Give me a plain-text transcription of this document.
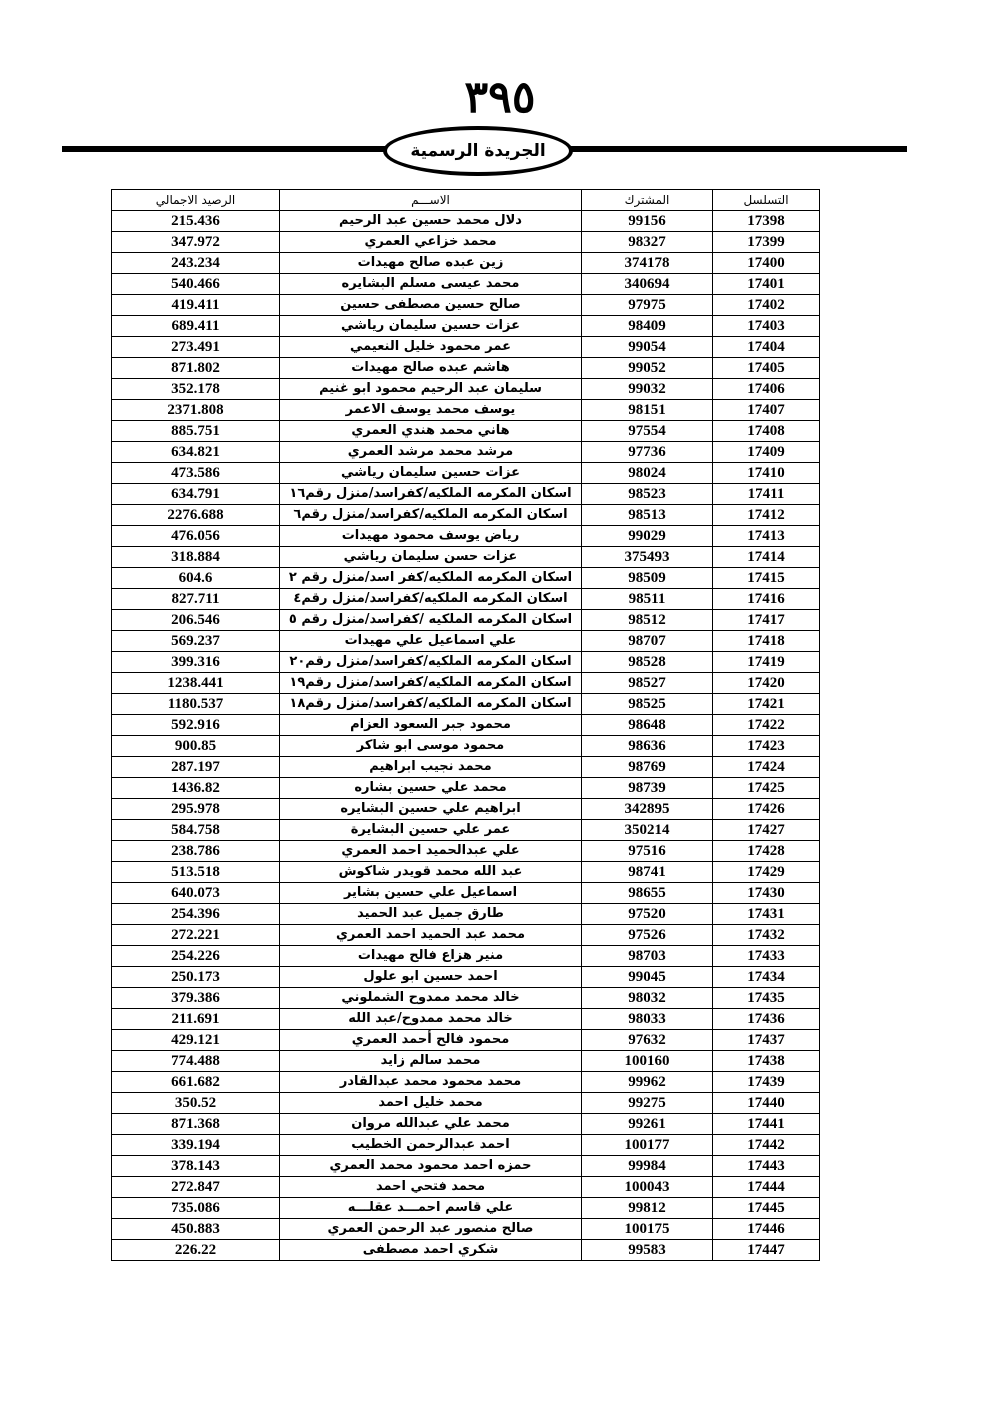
٣٩٥
الجريدة الرسمية
التسلسل	المشترك	الاســـم	الرصيد الاجمالي
17398	99156	دلال محمد حسين عبد الرحيم	215.436
17399	98327	محمد خزاعي العمري	347.972
17400	374178	زين عبده صالح مهيدات	243.234
17401	340694	محمد عيسى مسلم البشايره	540.466
17402	97975	صالح حسين مصطفى حسين	419.411
17403	98409	عزات حسين سليمان رياشي	689.411
17404	99054	عمر محمود خليل النعيمي	273.491
17405	99052	هاشم عبده صالح مهيدات	871.802
17406	99032	سليمان عبد الرحيم محمود ابو غنيم	352.178
17407	98151	يوسف محمد يوسف الاعمر	2371.808
17408	97554	هاني محمد هندي العمري	885.751
17409	97736	مرشد محمد مرشد العمري	634.821
17410	98024	عزات حسين سليمان رياشي	473.586
17411	98523	اسكان المكرمه الملكيه/كفراسد/منزل رقم١٦	634.791
17412	98513	اسكان المكرمه الملكيه/كفراسد/منزل رقم٦	2276.688
17413	99029	رياض يوسف محمود مهيدات	476.056
17414	375493	عزات حسن سليمان رياشي	318.884
17415	98509	اسكان المكرمه الملكيه/كفر اسد/منزل رقم ٢	604.6
17416	98511	اسكان المكرمه الملكيه/كفراسد/منزل رقم٤	827.711
17417	98512	اسكان المكرمه الملكيه /كفراسد/منزل رقم ٥	206.546
17418	98707	علي اسماعيل علي مهيدات	569.237
17419	98528	اسكان المكرمه الملكيه/كفراسد/منزل رقم٢٠	399.316
17420	98527	اسكان المكرمه الملكيه/كفراسد/منزل رقم١٩	1238.441
17421	98525	اسكان المكرمه الملكيه/كفراسد/منزل رقم١٨	1180.537
17422	98648	محمود جبر السعود العزام	592.916
17423	98636	محمود موسى ابو شاكر	900.85
17424	98769	محمد نجيب ابراهيم	287.197
17425	98739	محمد علي حسين بشاره	1436.82
17426	342895	ابراهيم علي حسين البشايره	295.978
17427	350214	عمر علي حسين البشايرة	584.758
17428	97516	علي عبدالحميد احمد العمري	238.786
17429	98741	عبد الله محمد قويدر شاكوش	513.518
17430	98655	اسماعيل علي حسين بشاير	640.073
17431	97520	طارق جميل عبد الحميد	254.396
17432	97526	محمد عبد الحميد احمد العمري	272.221
17433	98703	منير هزاع فالح مهيدات	254.226
17434	99045	احمد حسين ابو علول	250.173
17435	98032	خالد محمد ممدوح الشملوني	379.386
17436	98033	خالد محمد ممدوح/عبد الله	211.691
17437	97632	محمود فالح أحمد العمري	429.121
17438	100160	محمد سالم زايد	774.488
17439	99962	محمد محمود محمد عبدالقادر	661.682
17440	99275	محمد خليل احمد	350.52
17441	99261	محمد علي عبدالله مروان	871.368
17442	100177	احمد عبدالرحمن الخطيب	339.194
17443	99984	حمزه احمد محمود محمد العمري	378.143
17444	100043	محمد فتحي احمد	272.847
17445	99812	علي قاسم احمـــد عقلـــه	735.086
17446	100175	صالح منصور عبد الرحمن العمري	450.883
17447	99583	شكري احمد مصطفى	226.22
